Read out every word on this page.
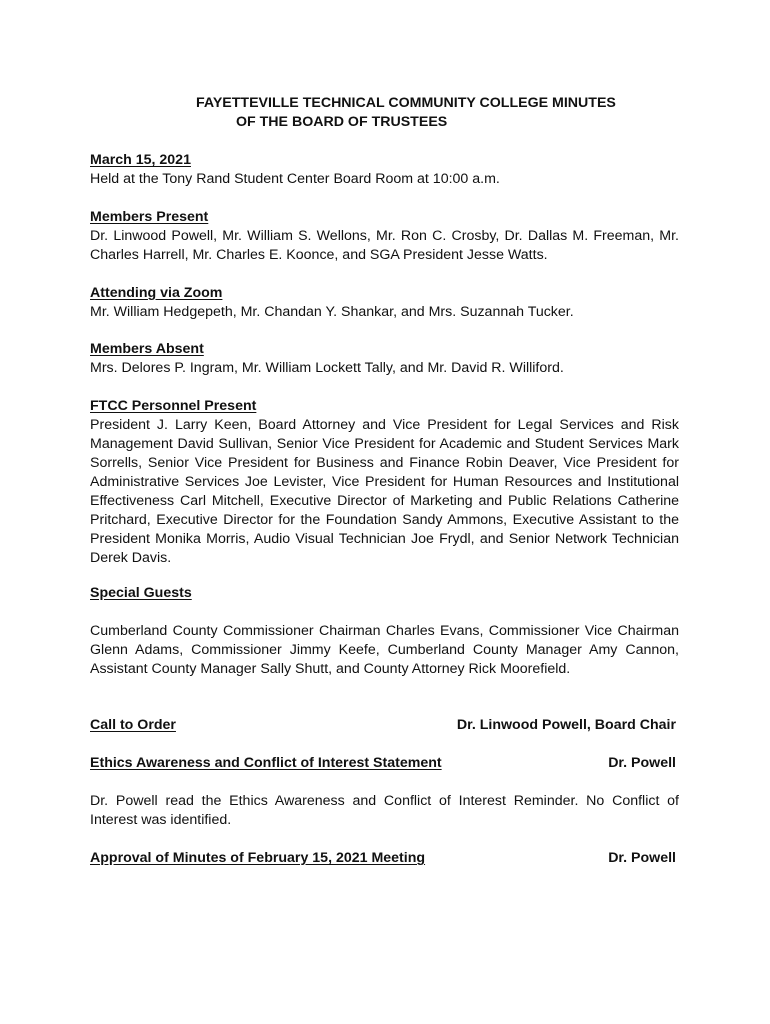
FAYETTEVILLE TECHNICAL COMMUNITY COLLEGE MINUTES
OF THE BOARD OF TRUSTEES
March 15, 2021
Held at the Tony Rand Student Center Board Room at 10:00 a.m.
Members Present
Dr. Linwood Powell, Mr. William S. Wellons, Mr. Ron C. Crosby, Dr. Dallas M. Freeman, Mr. Charles Harrell, Mr. Charles E. Koonce, and SGA President Jesse Watts.
Attending via Zoom
Mr. William Hedgepeth, Mr. Chandan Y. Shankar, and Mrs. Suzannah Tucker.
Members Absent
Mrs. Delores P. Ingram, Mr. William Lockett Tally, and Mr. David R. Williford.
FTCC Personnel Present
President J. Larry Keen, Board Attorney and Vice President for Legal Services and Risk Management David Sullivan, Senior Vice President for Academic and Student Services Mark Sorrells, Senior Vice President for Business and Finance Robin Deaver, Vice President for Administrative Services Joe Levister, Vice President for Human Resources and Institutional Effectiveness Carl Mitchell, Executive Director of Marketing and Public Relations Catherine Pritchard, Executive Director for the Foundation Sandy Ammons, Executive Assistant to the President Monika Morris, Audio Visual Technician Joe Frydl, and Senior Network Technician Derek Davis.
Special Guests
Cumberland County Commissioner Chairman Charles Evans, Commissioner Vice Chairman Glenn Adams, Commissioner Jimmy Keefe, Cumberland County Manager Amy Cannon, Assistant County Manager Sally Shutt, and County Attorney Rick Moorefield.
Call to Order	Dr. Linwood Powell, Board Chair
Ethics Awareness and Conflict of Interest Statement	Dr. Powell
Dr. Powell read the Ethics Awareness and Conflict of Interest Reminder. No Conflict of Interest was identified.
Approval of Minutes of February 15, 2021 Meeting	Dr. Powell
